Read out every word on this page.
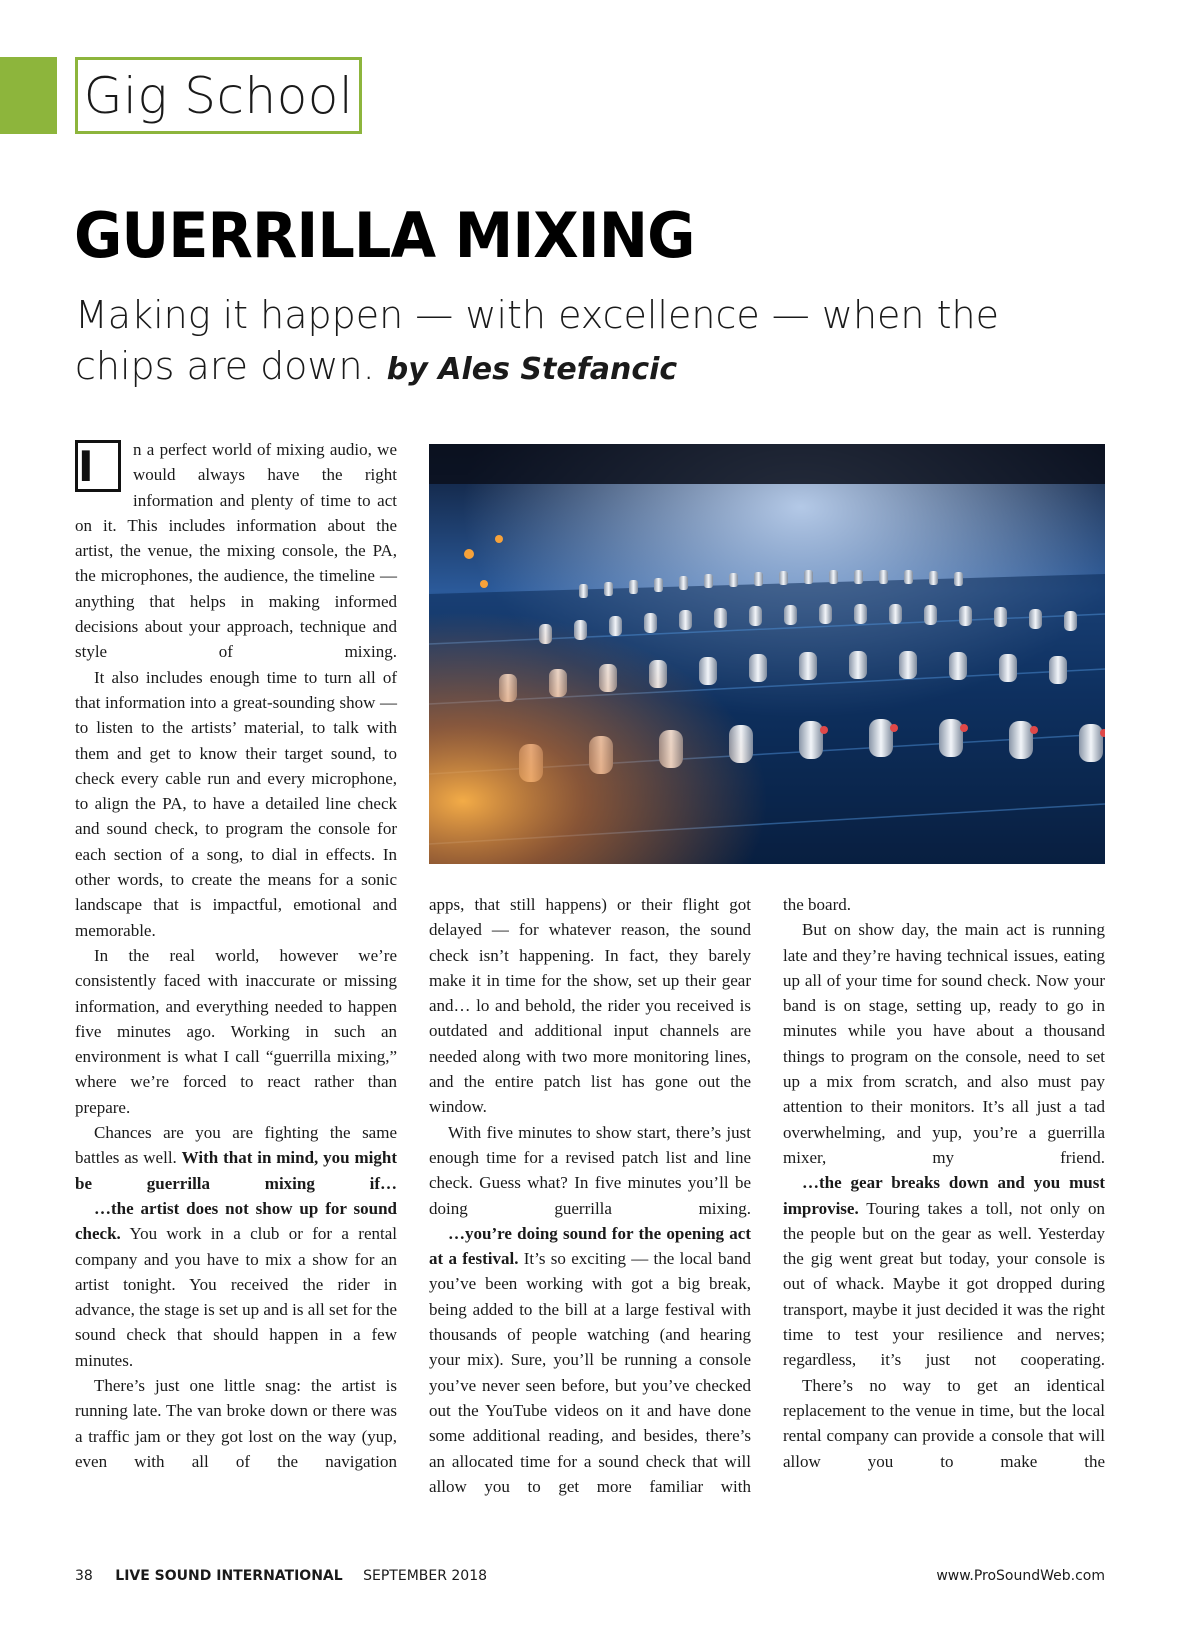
Gig School
GUERRILLA MIXING

Making it happen — with excellence — when the chips are down. by Ales Stefancic

I	n a perfect world of mixing audio, we would always have the right information and plenty of time to act on it. This includes information about the artist, the venue, the mixing console, the PA, the microphones, the audience, the timeline — anything that helps in making informed decisions about your approach, technique and style of mixing.

It also includes enough time to turn all of that information into a great-sounding show — to listen to the artists’ material, to talk with them and get to know their target sound, to check every cable run and every microphone, to align the PA, to have a detailed line check and sound check, to program the console for each section of a song, to dial in effects. In other words, to create the means for a sonic landscape that is impactful, emotional and memorable.

In the real world, however we’re consistently faced with inaccurate or missing information, and everything needed to happen five minutes ago. Working in such an environment is what I call “guerrilla mixing,” where we’re forced to react rather than prepare.

Chances are you are fighting the same battles as well. With that in mind, you might be guerrilla mixing if…

…the artist does not show up for sound check. You work in a club or for a rental company and you have to mix a show for an artist tonight. You received the rider in advance, the stage is set up and is all set for the sound check that should happen in a few minutes.

There’s just one little snag: the artist is running late. The van broke down or there was a traffic jam or they got lost on the way (yup, even with all of the navigation

apps, that still happens) or their flight got delayed — for whatever reason, the sound check isn’t happening. In fact, they barely make it in time for the show, set up their gear and… lo and behold, the rider you received is outdated and additional input channels are needed along with two more monitoring lines, and the entire patch list has gone out the window.

With five minutes to show start, there’s just enough time for a revised patch list and line check. Guess what? In five minutes you’ll be doing guerrilla mixing.

…you’re doing sound for the opening act at a festival. It’s so exciting — the local band you’ve been working with got a big break, being added to the bill at a large festival with thousands of people watching (and hearing your mix). Sure, you’ll be running a console you’ve never seen before, but you’ve checked out the YouTube videos on it and have done some additional reading, and besides, there’s an allocated time for a sound check that will allow you to get more familiar with

the board.

But on show day, the main act is running late and they’re having technical issues, eating up all of your time for sound check. Now your band is on stage, setting up, ready to go in minutes while you have about a thousand things to program on the console, need to set up a mix from scratch, and also must pay attention to their monitors. It’s all just a tad overwhelming, and yup, you’re a guerrilla mixer, my friend.

…the gear breaks down and you must improvise. Touring takes a toll, not only on the people but on the gear as well. Yesterday the gig went great but today, your console is out of whack. Maybe it got dropped during transport, maybe it just decided it was the right time to test your resilience and nerves; regardless, it’s just not cooperating.

There’s no way to get an identical replacement to the venue in time, but the local rental company can provide a console that will allow you to make the

38 LIVE SOUND INTERNATIONAL SEPTEMBER 2018	www.ProSoundWeb.com
